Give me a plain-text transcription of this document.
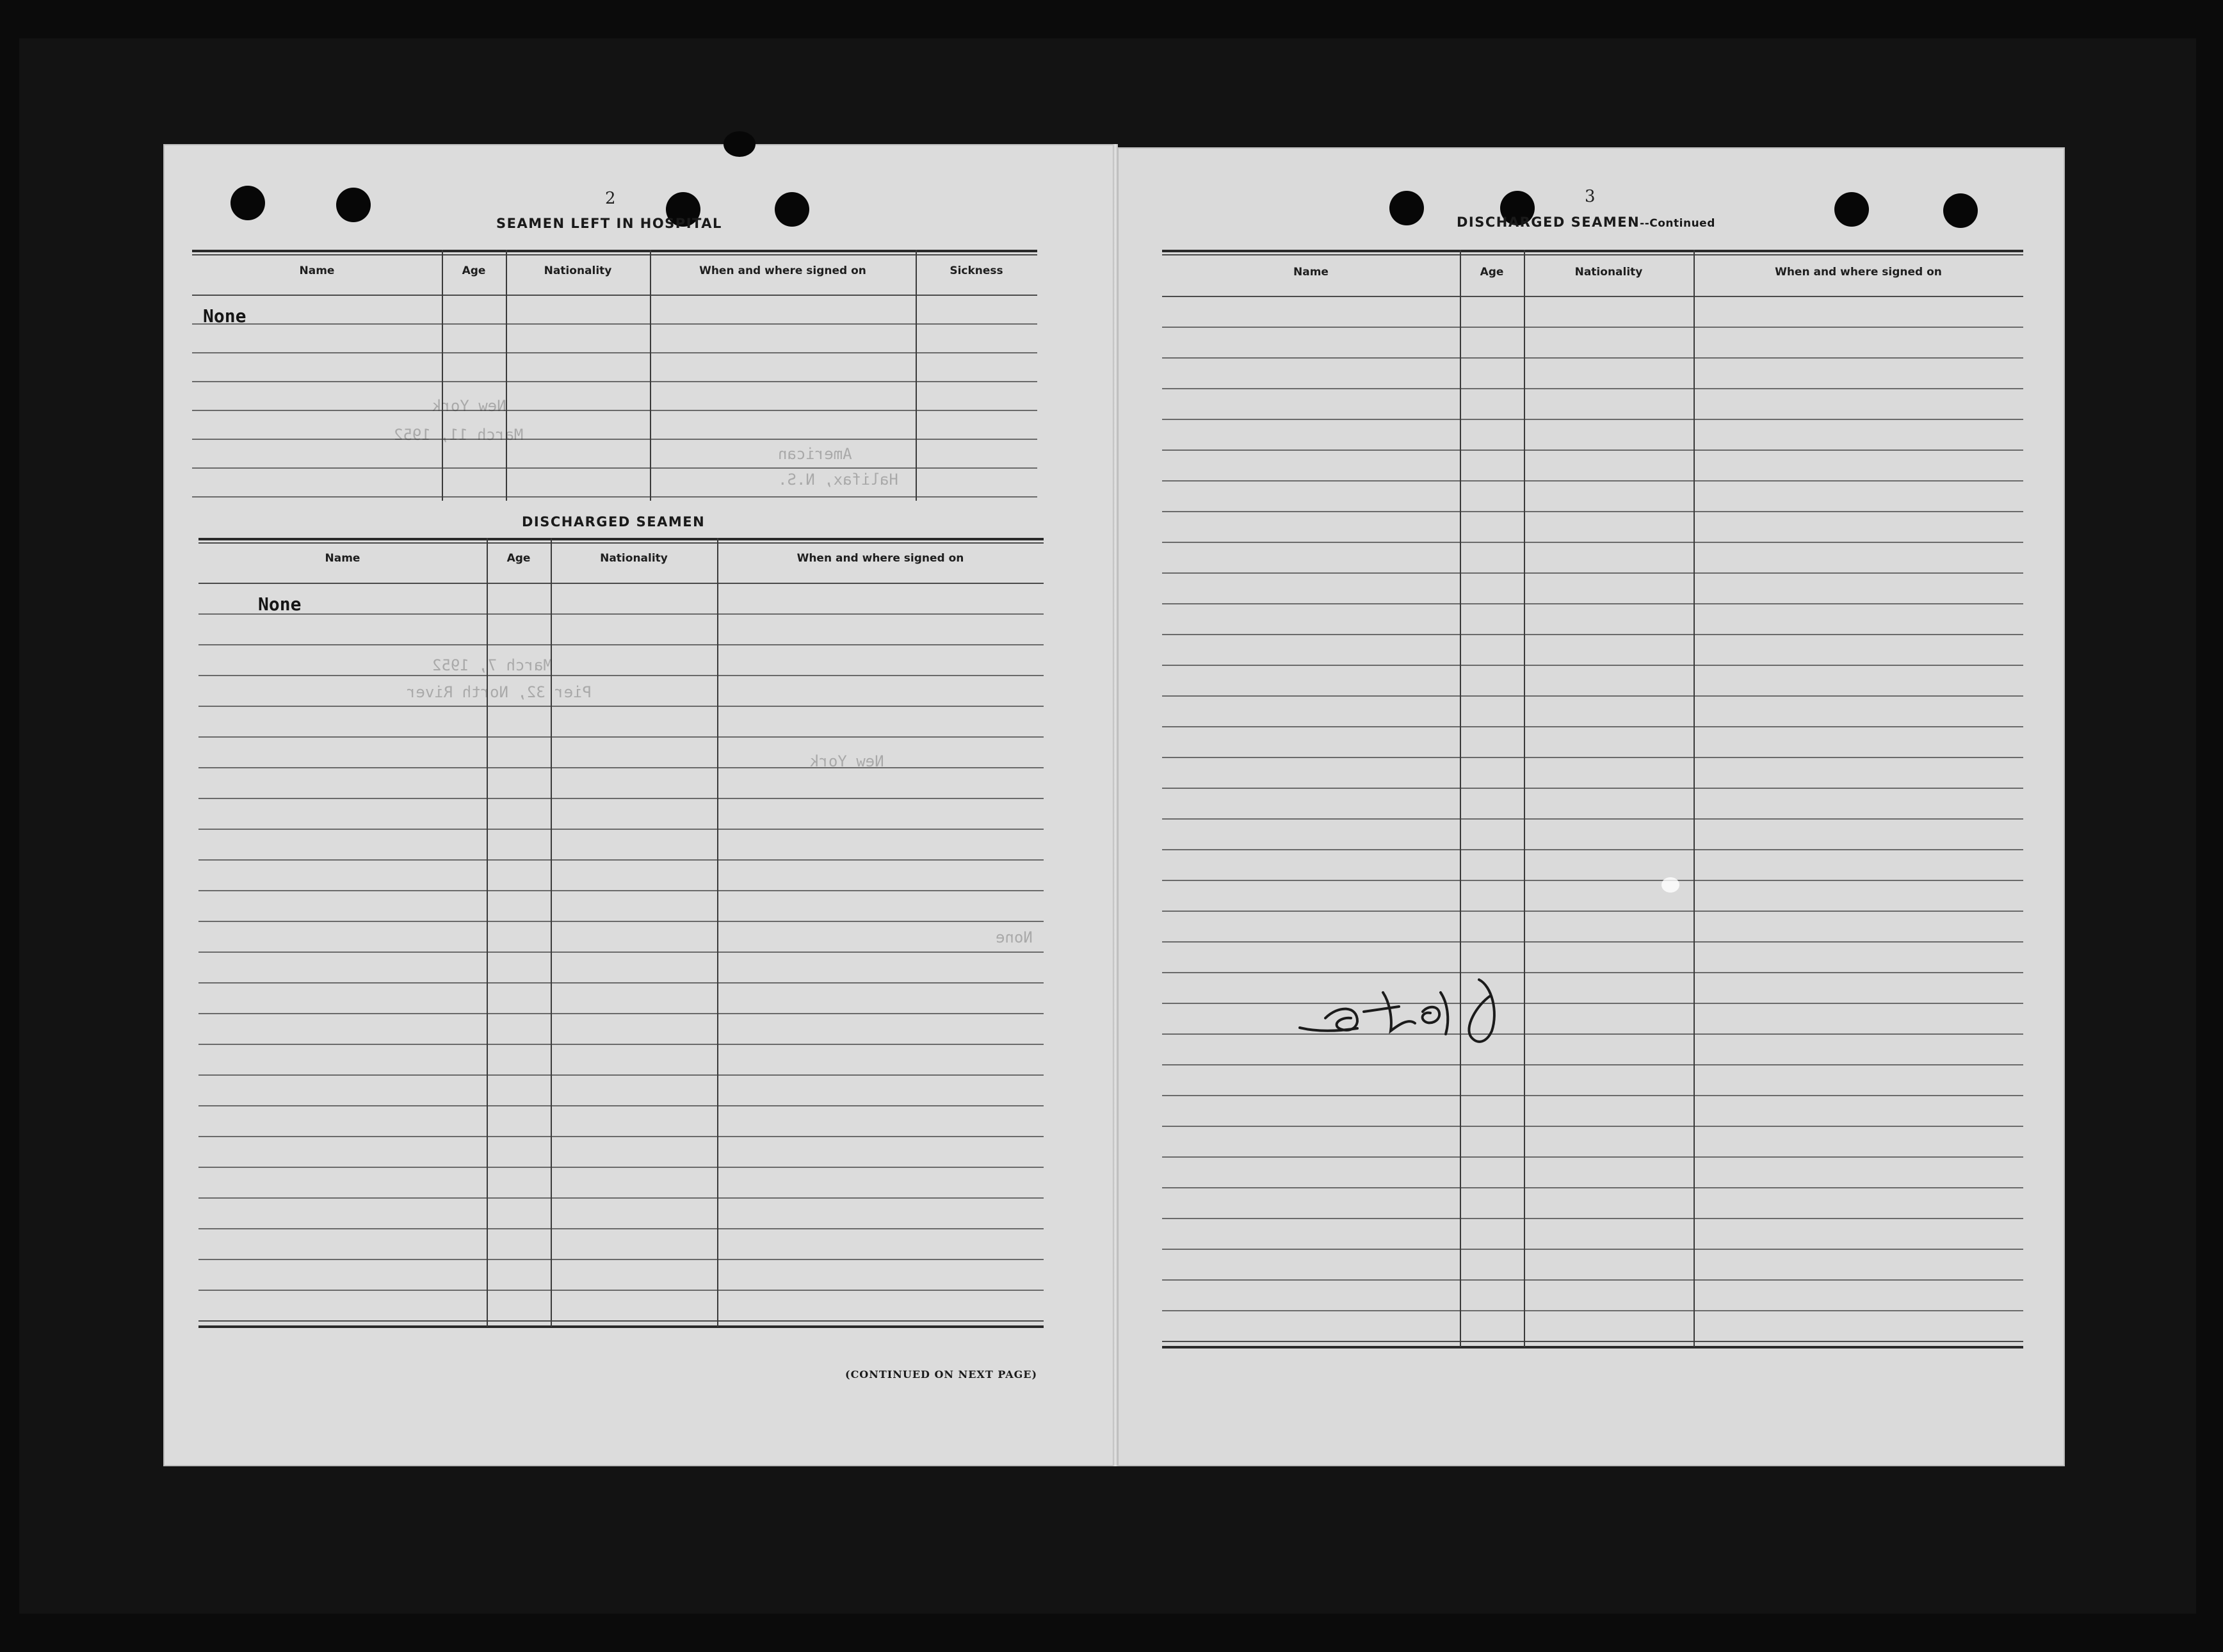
2
SEAMEN LEFT IN HOSPITAL
Name	Age	Nationality	When and where signed on	Sickness
None
DISCHARGED SEAMEN
Name	Age	Nationality	When and where signed on
None
(CONTINUED ON NEXT PAGE)
New York
March 11, 1952
American
Halifax, N.S.
March 7, 1952
Pier 32, North River
New York
None
3
DISCHARGED SEAMEN--Continued
Name	Age	Nationality	When and where signed on
